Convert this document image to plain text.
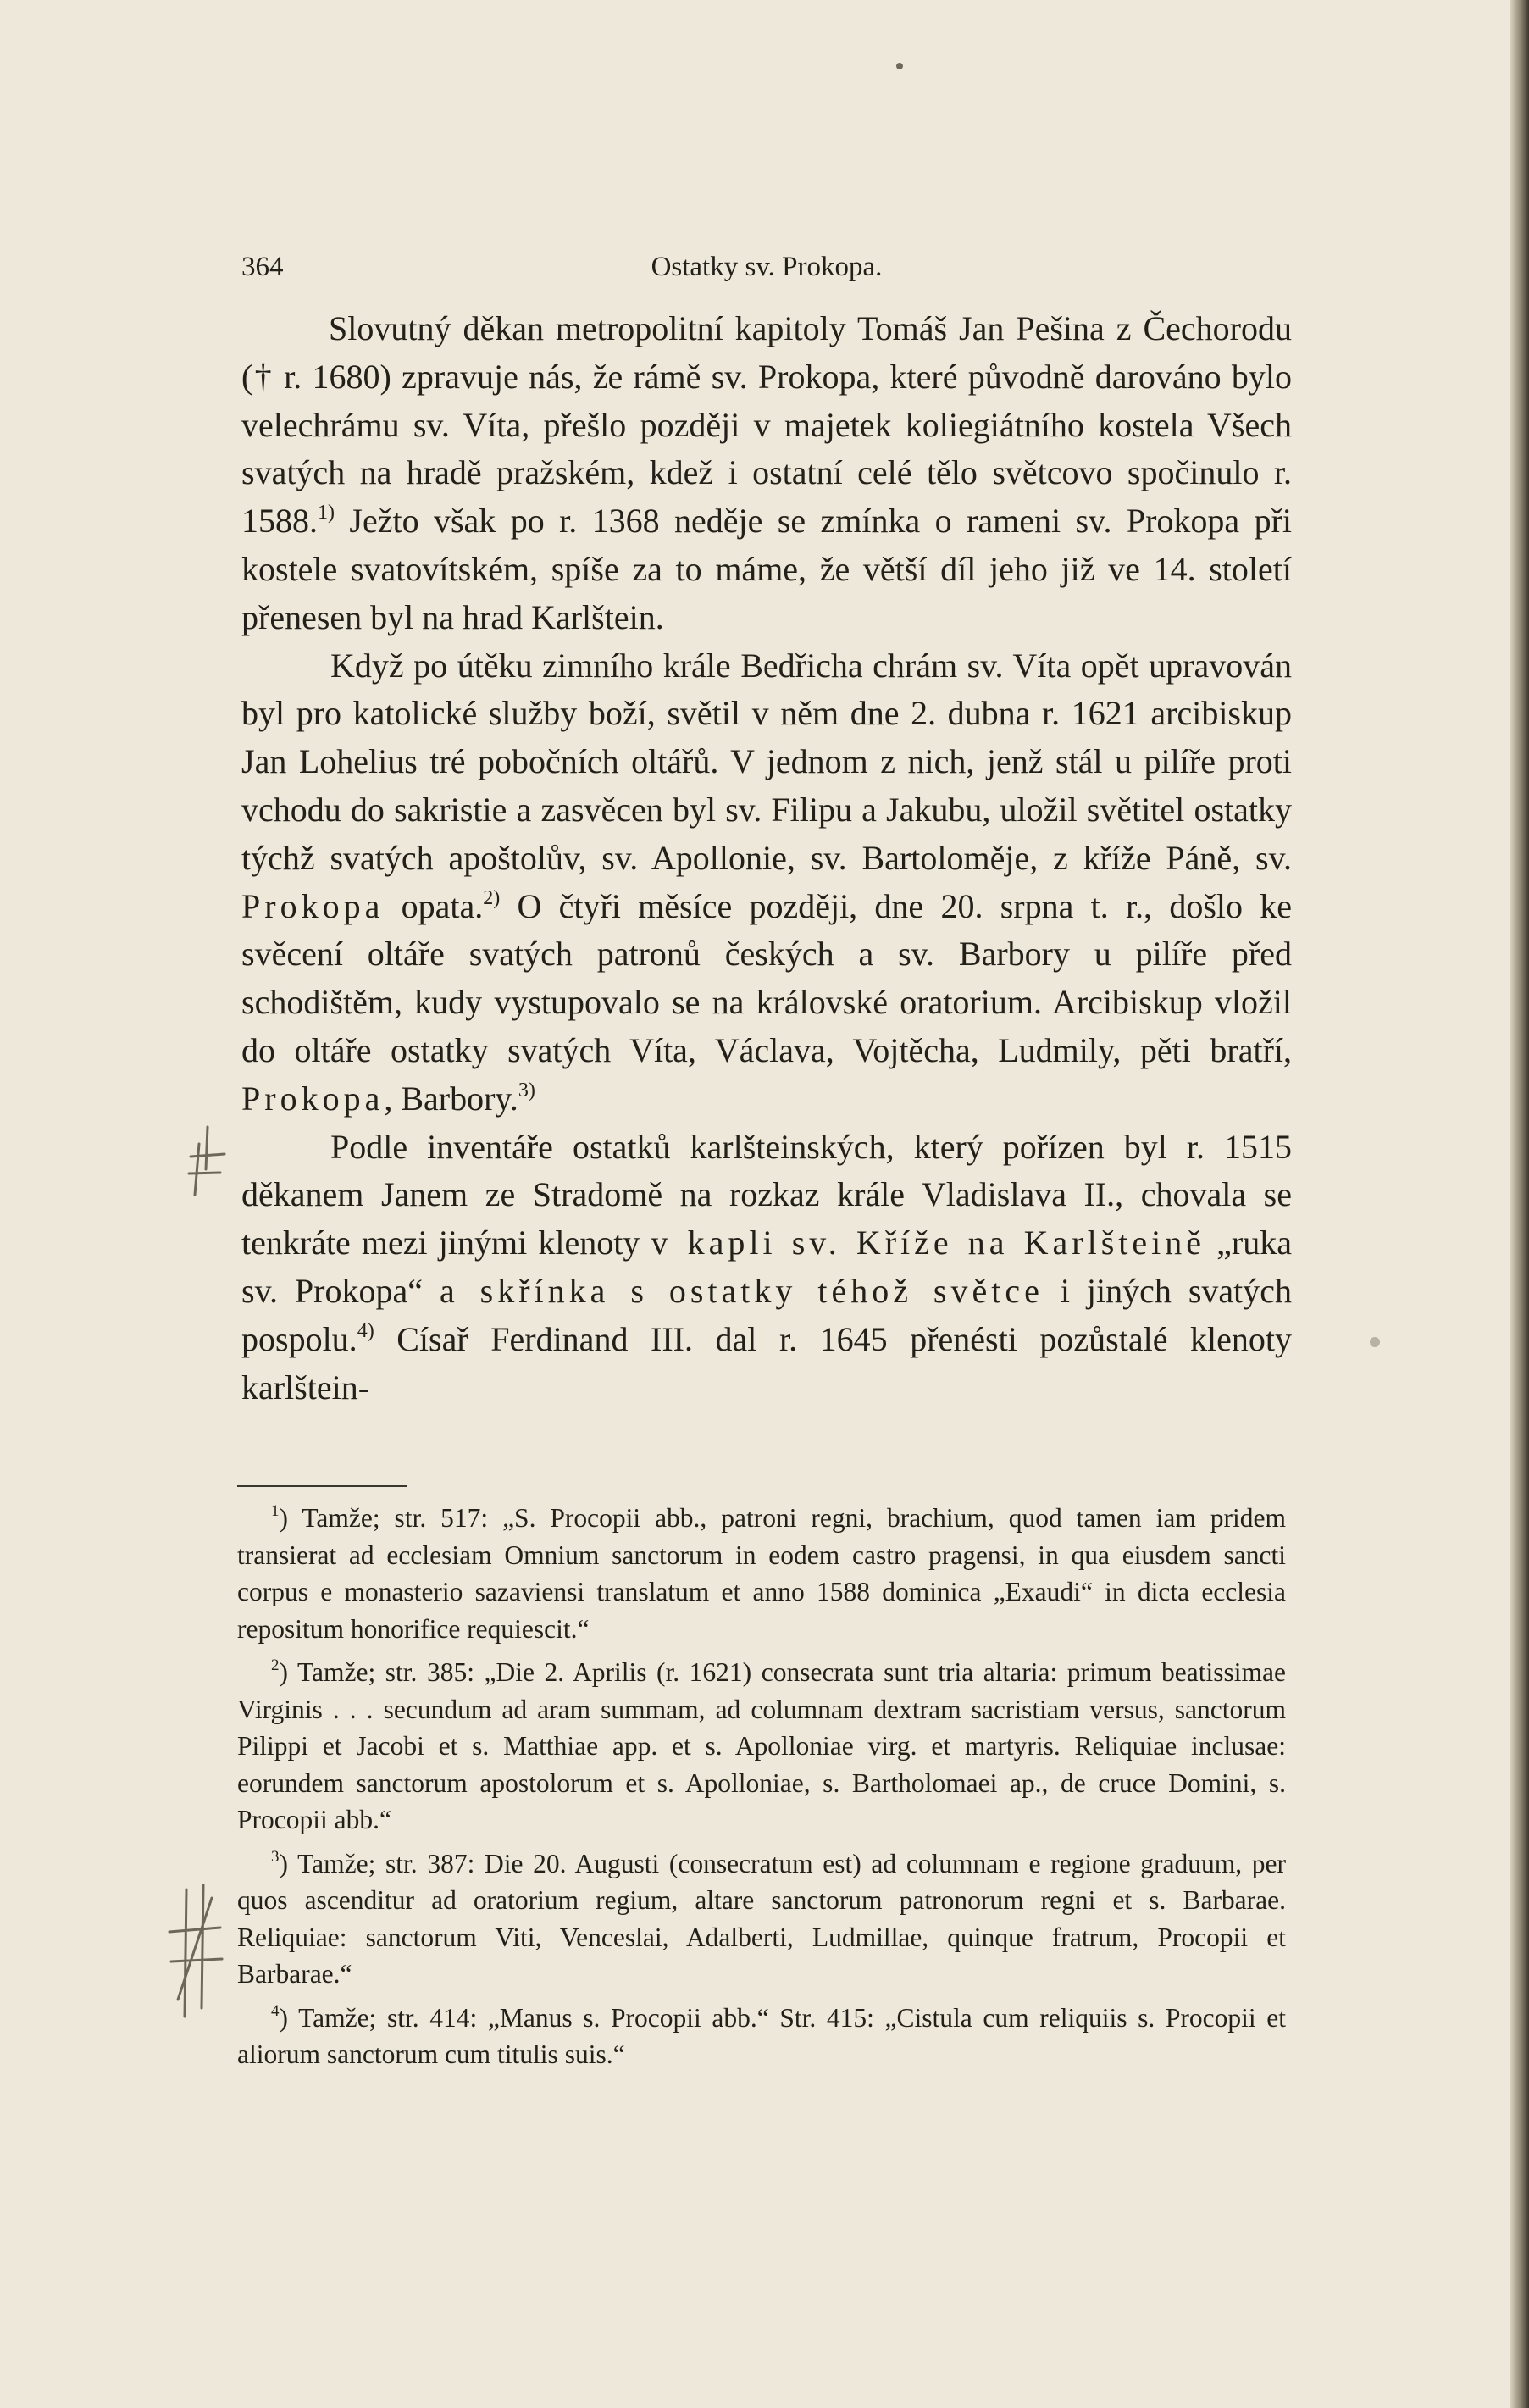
364	Ostatky sv. Prokopa.

Slovutný děkan metropolitní kapitoly Tomáš Jan Pešina z Čechorodu († r. 1680) zpravuje nás, že rámě sv. Prokopa, které původně darováno bylo velechrámu sv. Víta, přešlo později v majetek koliegiátního kostela Všech svatých na hradě pražském, kdež i ostatní celé tělo světcovo spočinulo r. 1588.$^{1)}$ Ježto však po r. 1368 neděje se zmínka o rameni sv. Prokopa při kostele svatovítském, spíše za to máme, že větší díl jeho již ve 14. století přenesen byl na hrad Karlštein.

Když po útěku zimního krále Bedřicha chrám sv. Víta opět upravován byl pro katolické služby boží, světil v něm dne 2. dubna r. 1621 arcibiskup Jan Lohelius tré pobočních oltářů. V jednom z nich, jenž stál u pilíře proti vchodu do sakristie a zasvěcen byl sv. Filipu a Jakubu, uložil světitel ostatky týchž svatých apoštolův, sv. Apollonie, sv. Bartoloměje, z kříže Páně, sv. Prokopa opata.$^{2)}$ O čtyři měsíce později, dne 20. srpna t. r., došlo ke svěcení oltáře svatých patronů českých a sv. Barbory u pilíře před schodištěm, kudy vystupovalo se na královské oratorium. Arcibiskup vložil do oltáře ostatky svatých Víta, Václava, Vojtěcha, Ludmily, pěti bratří, Prokopa, Barbory.$^{3)}$

Podle inventáře ostatků karlšteinských, který pořízen byl r. 1515 děkanem Janem ze Stradomě na rozkaz krále Vladislava II., chovala se tenkráte mezi jinými klenoty v kapli sv. Kříže na Karlšteině „ruka sv. Prokopa“ a skřínka s ostatky téhož světce i jiných svatých pospolu.$^{4)}$ Císař Ferdinand III. dal r. 1645 přenésti pozůstalé klenoty karlštein-

$^1$) Tamže; str. 517: „S. Procopii abb., patroni regni, brachium, quod tamen iam pridem transierat ad ecclesiam Omnium sanctorum in eodem castro pragensi, in qua eiusdem sancti corpus e monasterio sazaviensi translatum et anno 1588 dominica „Exaudi“ in dicta ecclesia repositum honorifice requiescit.“

$^2$) Tamže; str. 385: „Die 2. Aprilis (r. 1621) consecrata sunt tria altaria: primum beatissimae Virginis . . . secundum ad aram summam, ad columnam dextram sacristiam versus, sanctorum Pilippi et Jacobi et s. Matthiae app. et s. Apolloniae virg. et martyris. Reliquiae inclusae: eorundem sanctorum apostolorum et s. Apolloniae, s. Bartholomaei ap., de cruce Domini, s. Procopii abb.“

$^3$) Tamže; str. 387: Die 20. Augusti (consecratum est) ad columnam e regione graduum, per quos ascenditur ad oratorium regium, altare sanctorum patronorum regni et s. Barbarae. Reliquiae: sanctorum Viti, Venceslai, Adalberti, Ludmillae, quinque fratrum, Procopii et Barbarae.“

$^4$) Tamže; str. 414: „Manus s. Procopii abb.“ Str. 415: „Cistula cum reliquiis s. Procopii et aliorum sanctorum cum titulis suis.“
